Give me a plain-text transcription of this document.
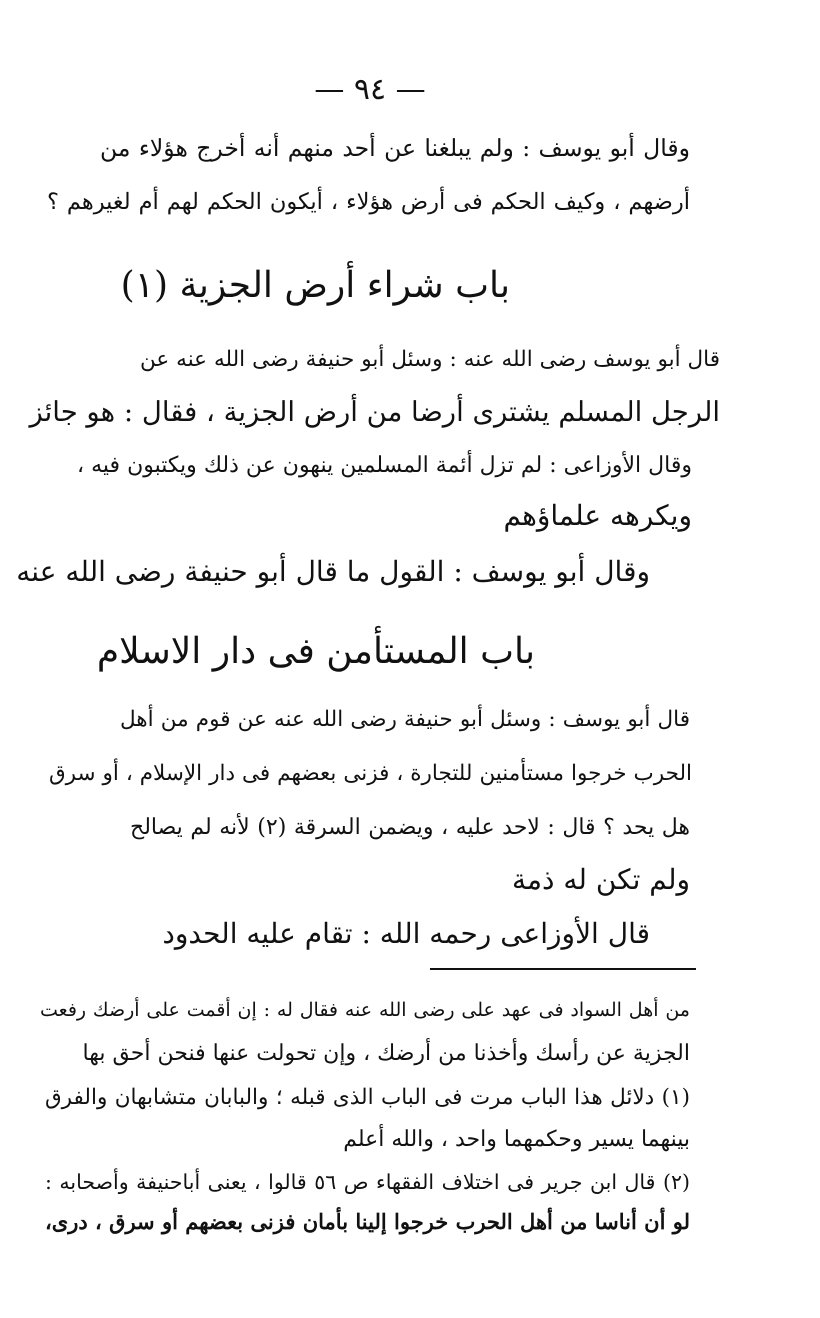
— ٩٤ —
وقال أبو يوسف : ولم يبلغنا عن أحد منهم أنه أخرج هؤلاء من
أرضهم ، وكيف الحكم فى أرض هؤلاء ، أيكون الحكم لهم أم لغيرهم ؟
باب شراء أرض الجزية (١)
قال أبو يوسف رضى الله عنه : وسئل أبو حنيفة رضى الله عنه عن
الرجل المسلم يشترى أرضا من أرض الجزية ، فقال : هو جائز
وقال الأوزاعى : لم تزل أئمة المسلمين ينهون عن ذلك ويكتبون فيه ،
ويكرهه علماؤهم
وقال أبو يوسف : القول ما قال أبو حنيفة رضى الله عنه
باب المستأمن فى دار الاسلام
قال أبو يوسف : وسئل أبو حنيفة رضى الله عنه عن قوم من أهل
الحرب خرجوا مستأمنين للتجارة ، فزنى بعضهم فى دار الإسلام ، أو سرق
هل يحد ؟ قال : لاحد عليه ، ويضمن السرقة (٢) لأنه لم يصالح
ولم تكن له ذمة
قال الأوزاعى رحمه الله : تقام عليه الحدود
من أهل السواد فى عهد على رضى الله عنه فقال له : إن أقمت على أرضك رفعت
الجزية عن رأسك وأخذنا من أرضك ، وإن تحولت عنها فنحن أحق بها
(١) دلائل هذا الباب مرت فى الباب الذى قبله ؛ والبابان متشابهان والفرق
بينهما يسير وحكمهما واحد ، والله أعلم
(٢) قال ابن جرير فى اختلاف الفقهاء ص ٥٦ قالوا ، يعنى أباحنيفة وأصحابه :
لو أن أناسا من أهل الحرب خرجوا إلينا بأمان فزنى بعضهم أو سرق ، درى،
